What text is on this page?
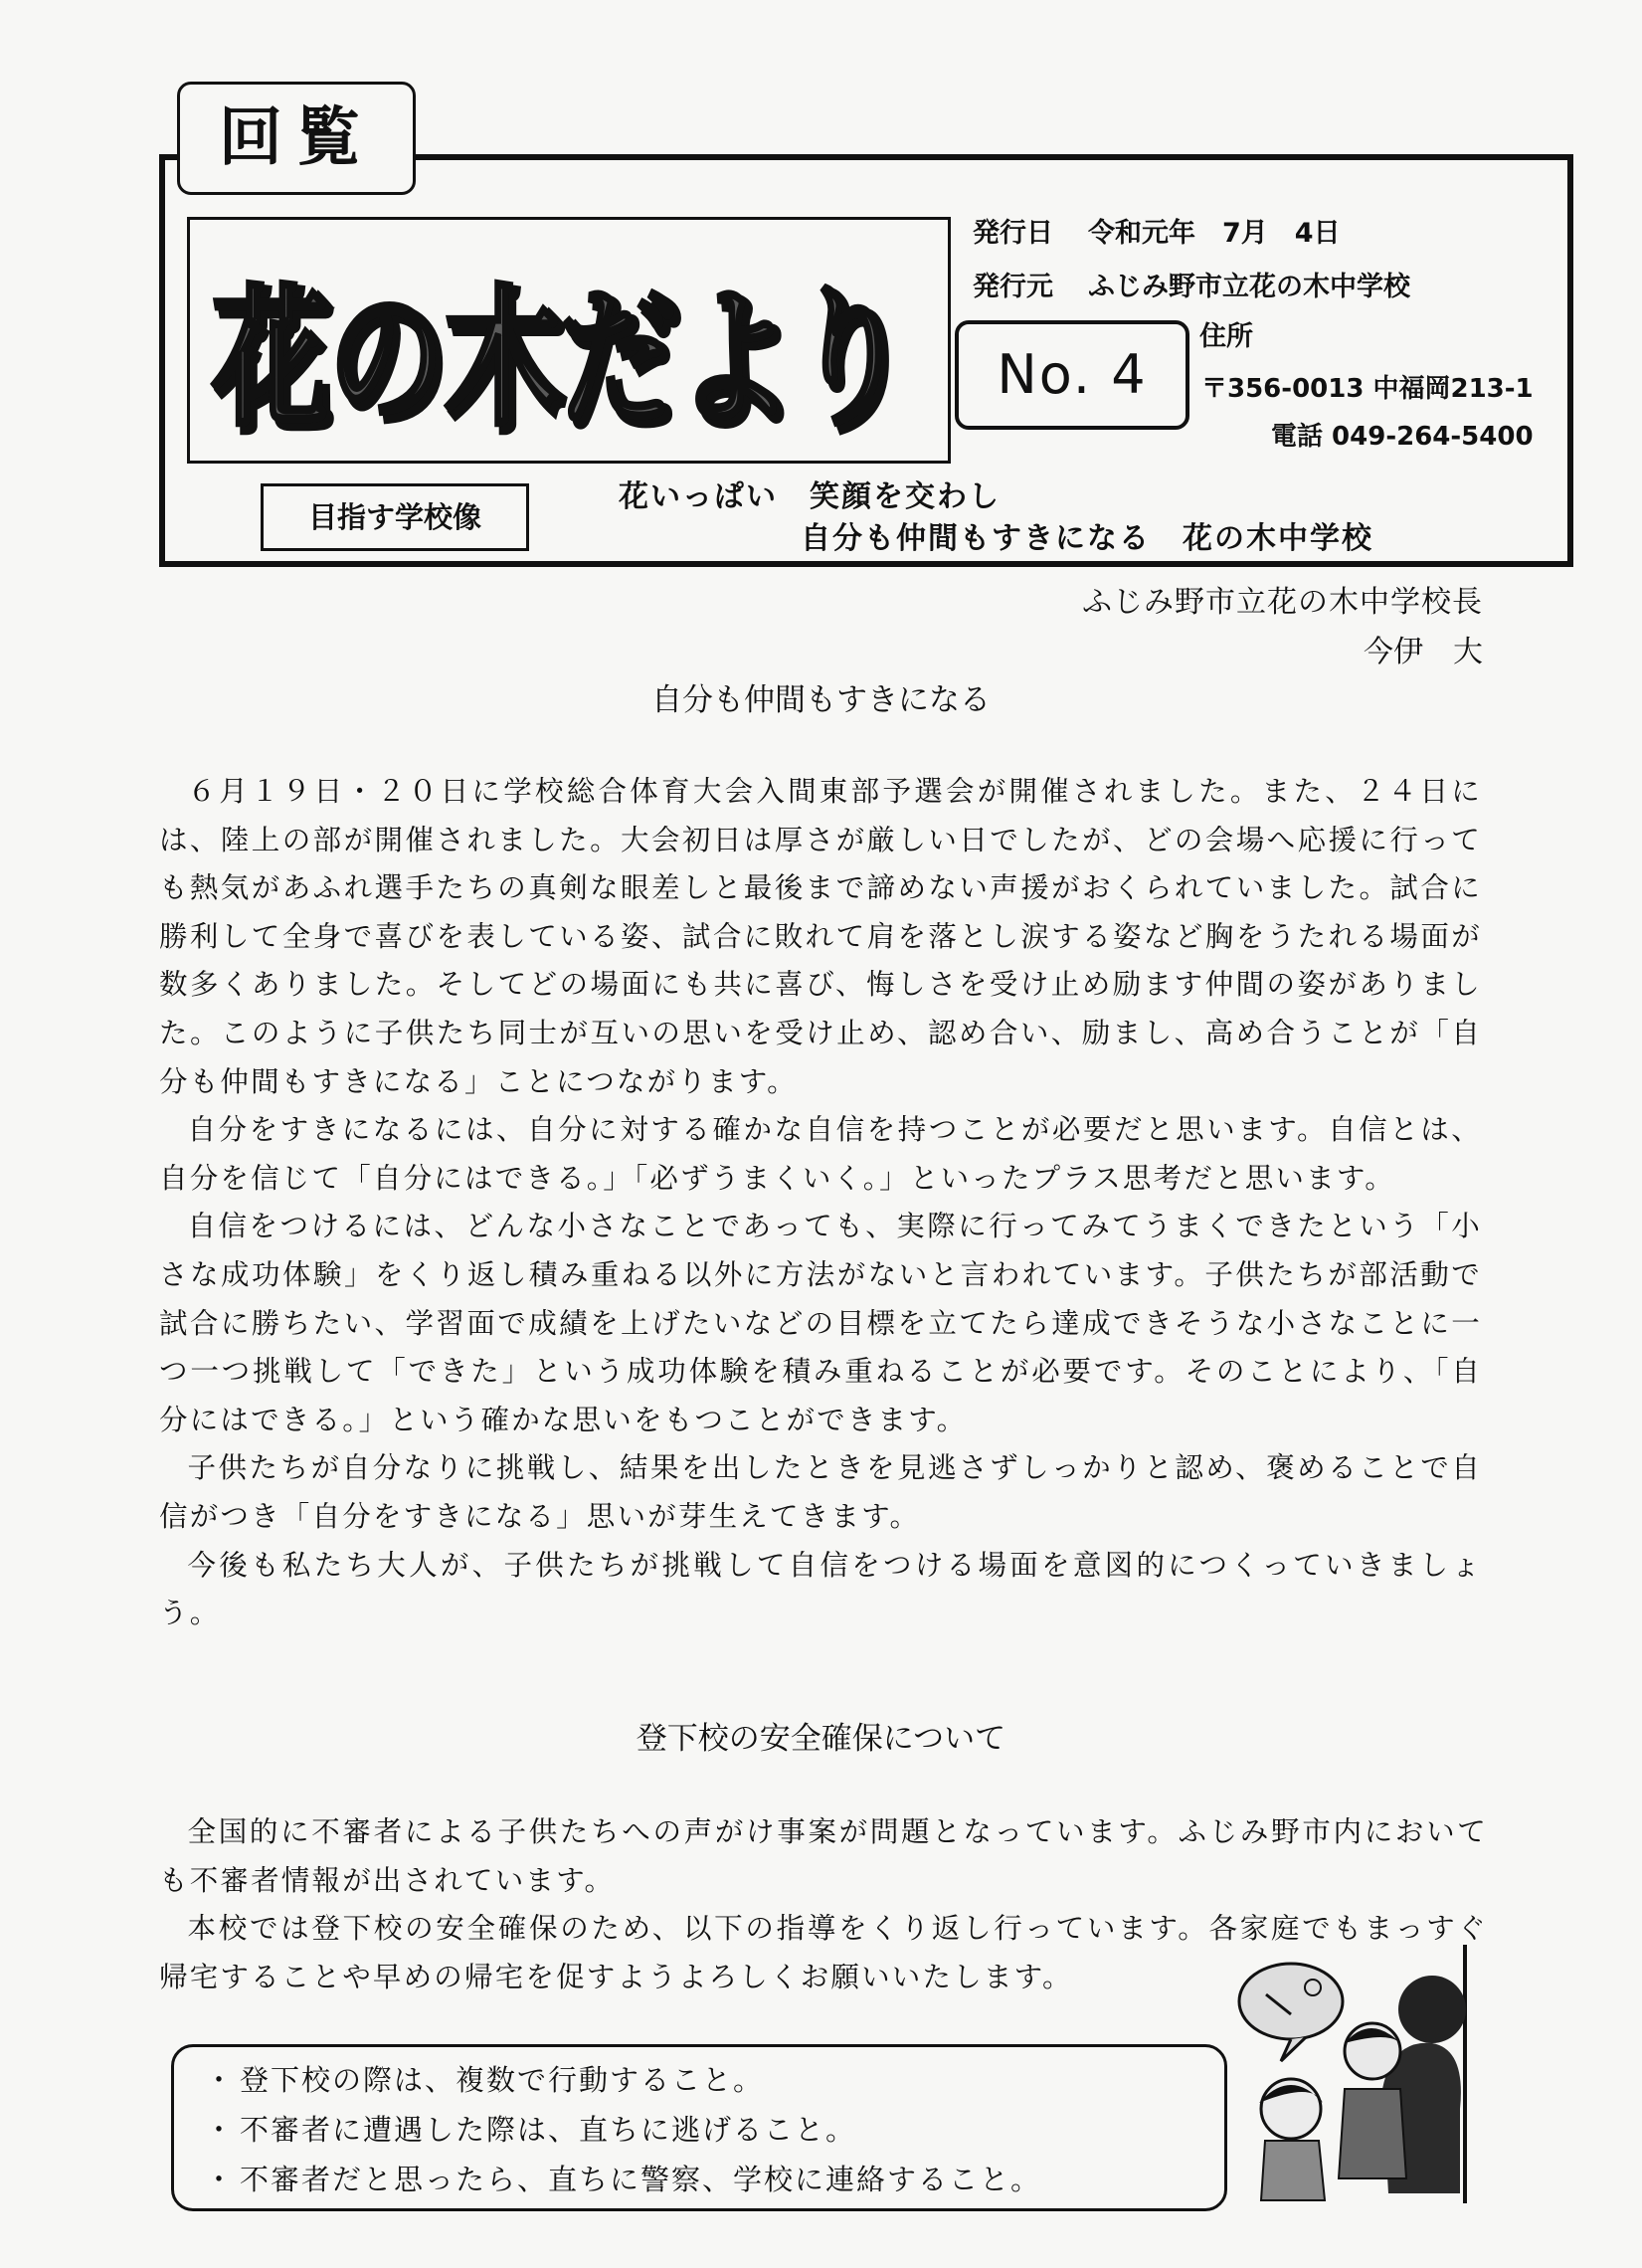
回覧
花の木だより
花の木だより
発行日 令和元年　7月　4日
発行元 ふじみ野市立花の木中学校
No. 4
住所
〒356-0013 中福岡213-1
電話 049-264-5400
目指す学校像
花いっぱい　笑顔を交わし
自分も仲間もすきになる　花の木中学校
ふじみ野市立花の木中学校長
今伊　大
自分も仲間もすきになる
６月１９日・２０日に学校総合体育大会入間東部予選会が開催されました。また、２４日には、陸上の部が開催されました。大会初日は厚さが厳しい日でしたが、どの会場へ応援に行っても熱気があふれ選手たちの真剣な眼差しと最後まで諦めない声援がおくられていました。試合に勝利して全身で喜びを表している姿、試合に敗れて肩を落とし涙する姿など胸をうたれる場面が数多くありました。そしてどの場面にも共に喜び、悔しさを受け止め励ます仲間の姿がありました。このように子供たち同士が互いの思いを受け止め、認め合い、励まし、高め合うことが「自分も仲間もすきになる」ことにつながります。
自分をすきになるには、自分に対する確かな自信を持つことが必要だと思います。自信とは、自分を信じて「自分にはできる。」「必ずうまくいく。」といったプラス思考だと思います。
自信をつけるには、どんな小さなことであっても、実際に行ってみてうまくできたという「小さな成功体験」をくり返し積み重ねる以外に方法がないと言われています。子供たちが部活動で試合に勝ちたい、学習面で成績を上げたいなどの目標を立てたら達成できそうな小さなことに一つ一つ挑戦して「できた」という成功体験を積み重ねることが必要です。そのことにより、「自分にはできる。」という確かな思いをもつことができます。
子供たちが自分なりに挑戦し、結果を出したときを見逃さずしっかりと認め、褒めることで自信がつき「自分をすきになる」思いが芽生えてきます。
今後も私たち大人が、子供たちが挑戦して自信をつける場面を意図的につくっていきましょう。
登下校の安全確保について
全国的に不審者による子供たちへの声がけ事案が問題となっています。ふじみ野市内においても不審者情報が出されています。
本校では登下校の安全確保のため、以下の指導をくり返し行っています。各家庭でもまっすぐ帰宅することや早めの帰宅を促すようよろしくお願いいたします。
・ 登下校の際は、複数で行動すること。
・ 不審者に遭遇した際は、直ちに逃げること。
・ 不審者だと思ったら、直ちに警察、学校に連絡すること。
